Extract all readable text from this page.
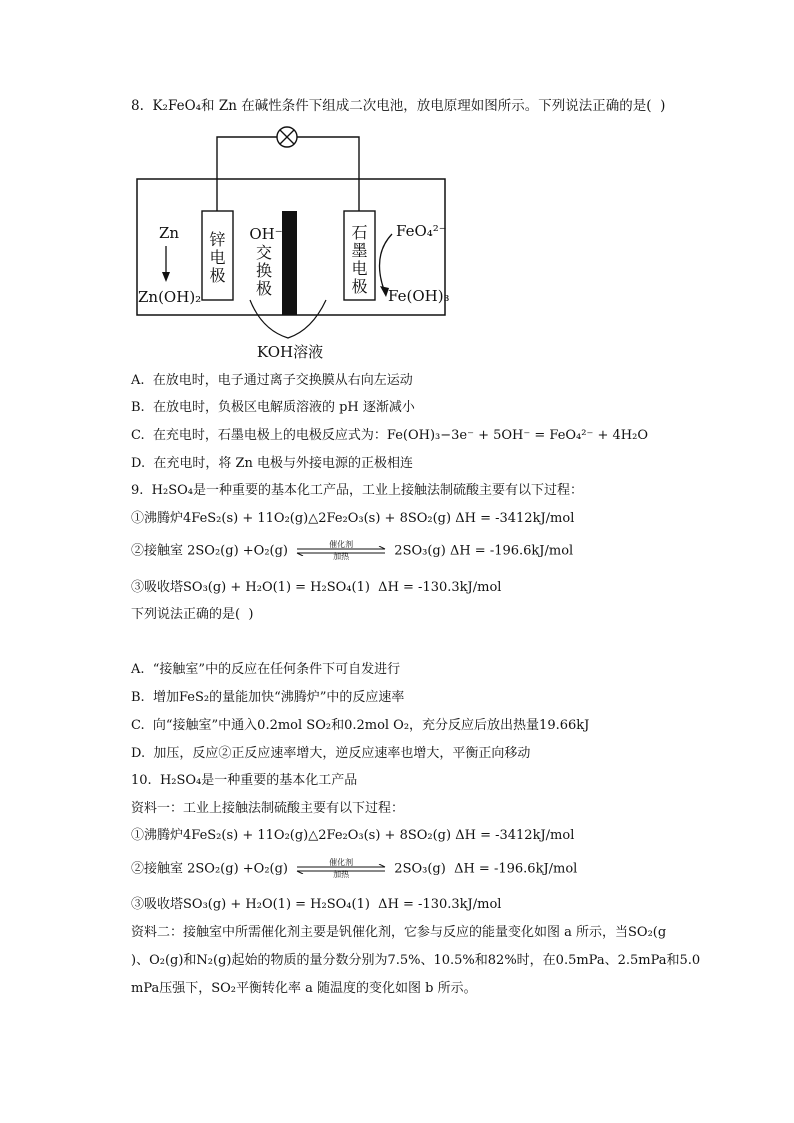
8.  K₂FeO₄和 Zn 在碱性条件下组成二次电池，放电原理如图所示。下列说法正确的是(  )
锌
电
极
石
墨
电
极
OH⁻
交
换
极
Zn
Zn(OH)₂
FeO₄²⁻
Fe(OH)₃
KOH溶液
A.  在放电时，电子通过离子交换膜从右向左运动
B.  在放电时，负极区电解质溶液的 pH 逐渐减小
C.  在充电时，石墨电极上的电极反应式为：Fe(OH)₃−3e⁻ + 5OH⁻ = FeO₄²⁻ + 4H₂O
D.  在充电时，将 Zn 电极与外接电源的正极相连
9.  H₂SO₄是一种重要的基本化工产品，工业上接触法制硫酸主要有以下过程：
①沸腾炉4FeS₂(s) + 11O₂(g)△2Fe₂O₃(s) + 8SO₂(g) ΔH = -3412kJ/mol
②接触室 2SO₂(g) +O₂(g)	催化剂
加热	2SO₃(g) ΔH = -196.6kJ/mol
③吸收塔SO₃(g) + H₂O(1) = H₂SO₄(1)  ΔH = -130.3kJ/mol
下列说法正确的是(  )
A.  “接触室”中的反应在任何条件下可自发进行
B.  增加FeS₂的量能加快“沸腾炉”中的反应速率
C.  向“接触室”中通入0.2mol SO₂和0.2mol O₂，充分反应后放出热量19.66kJ
D.  加压，反应②正反应速率增大，逆反应速率也增大，平衡正向移动
10.  H₂SO₄是一种重要的基本化工产品
资料一：工业上接触法制硫酸主要有以下过程：
①沸腾炉4FeS₂(s) + 11O₂(g)△2Fe₂O₃(s) + 8SO₂(g) ΔH = -3412kJ/mol
②接触室 2SO₂(g) +O₂(g)	催化剂
加热	2SO₃(g)  ΔH = -196.6kJ/mol
③吸收塔SO₃(g) + H₂O(1) = H₂SO₄(1)  ΔH = -130.3kJ/mol
资料二：接触室中所需催化剂主要是钒催化剂，它参与反应的能量变化如图 a 所示，当SO₂(g
)、O₂(g)和N₂(g)起始的物质的量分数分别为7.5%、10.5%和82%时，在0.5mPa、2.5mPa和5.0
mPa压强下，SO₂平衡转化率 a 随温度的变化如图 b 所示。
